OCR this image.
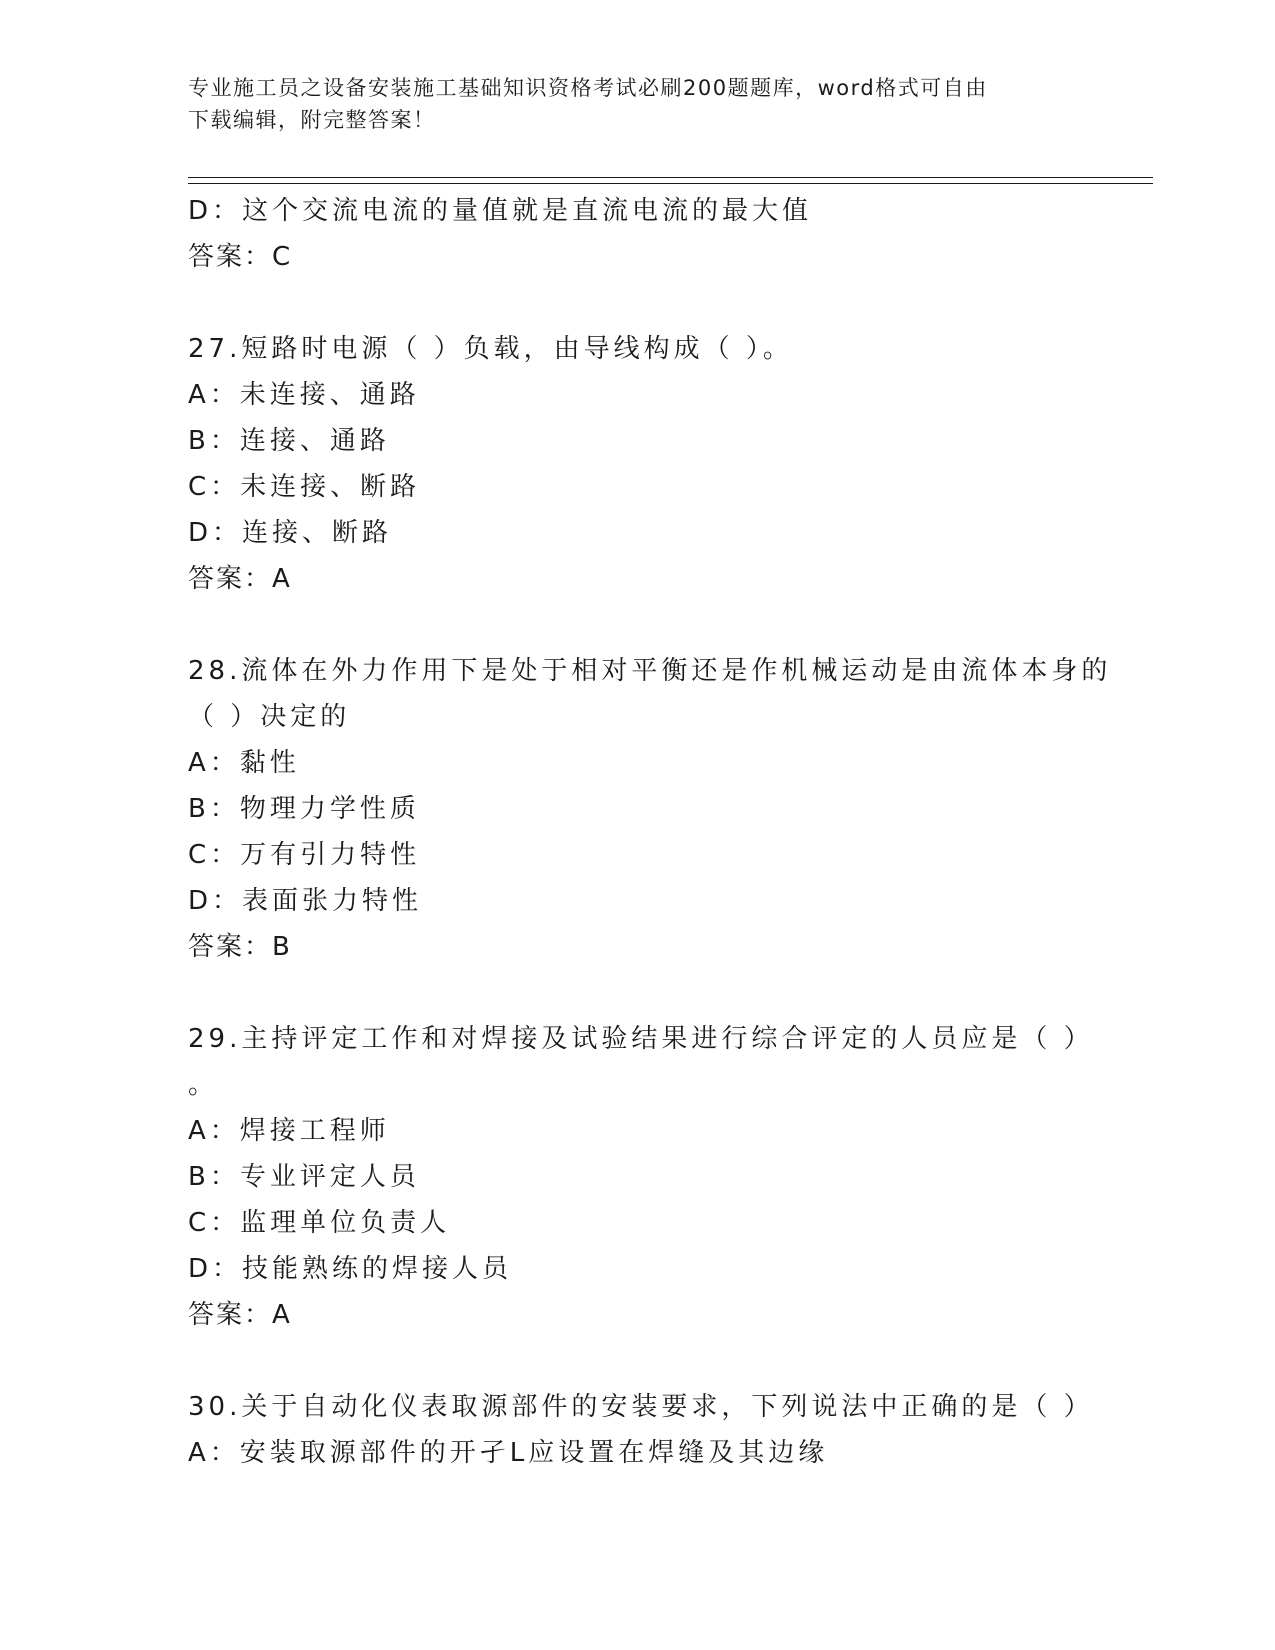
专业施工员之设备安装施工基础知识资格考试必刷200题题库，word格式可自由
下载编辑，附完整答案！
D：这个交流电流的量值就是直流电流的最大值
答案：C
27.短路时电源（ ）负载，由导线构成（ ）。
A：未连接、通路
B：连接、通路
C：未连接、断路
D：连接、断路
答案：A
28.流体在外力作用下是处于相对平衡还是作机械运动是由流体本身的
（ ）决定的
A：黏性
B：物理力学性质
C：万有引力特性
D：表面张力特性
答案：B
29.主持评定工作和对焊接及试验结果进行综合评定的人员应是（ ）
。
A：焊接工程师
B：专业评定人员
C：监理单位负责人
D：技能熟练的焊接人员
答案：A
30.关于自动化仪表取源部件的安装要求，下列说法中正确的是（ ）
A：安装取源部件的开孑L应设置在焊缝及其边缘
